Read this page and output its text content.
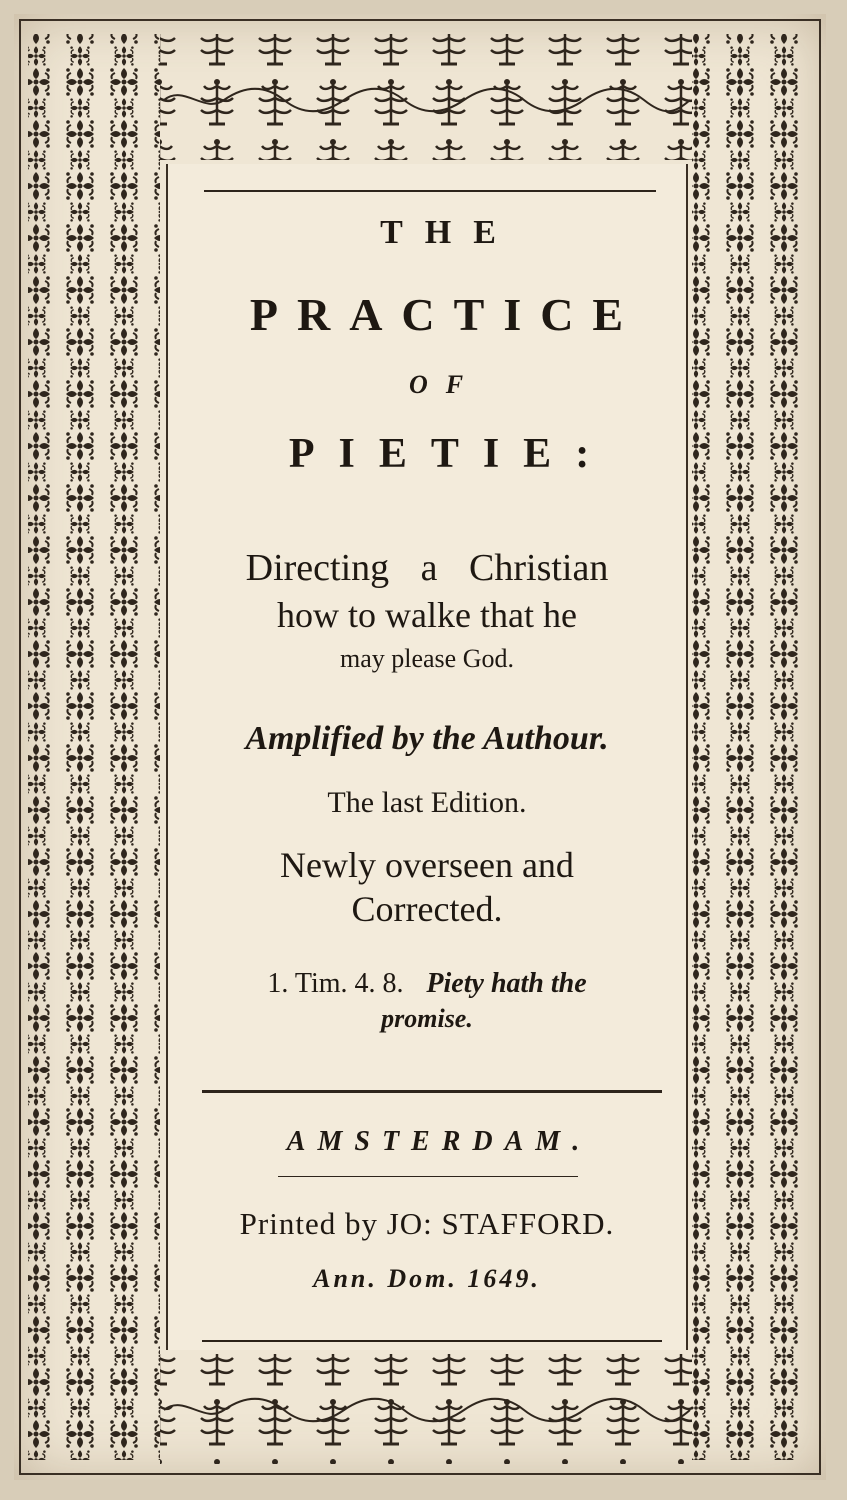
THE
PRACTICE
OF
PIETIE:
Directing a Christian
how to walke that he
may please God.
Amplified by the Authour.
The last Edition.
Newly overseen and
Corrected.
1. Tim. 4. 8. Piety hath the
promise.
AMSTERDAM.
Printed by JO: STAFFORD.
Ann. Dom. 1649.
